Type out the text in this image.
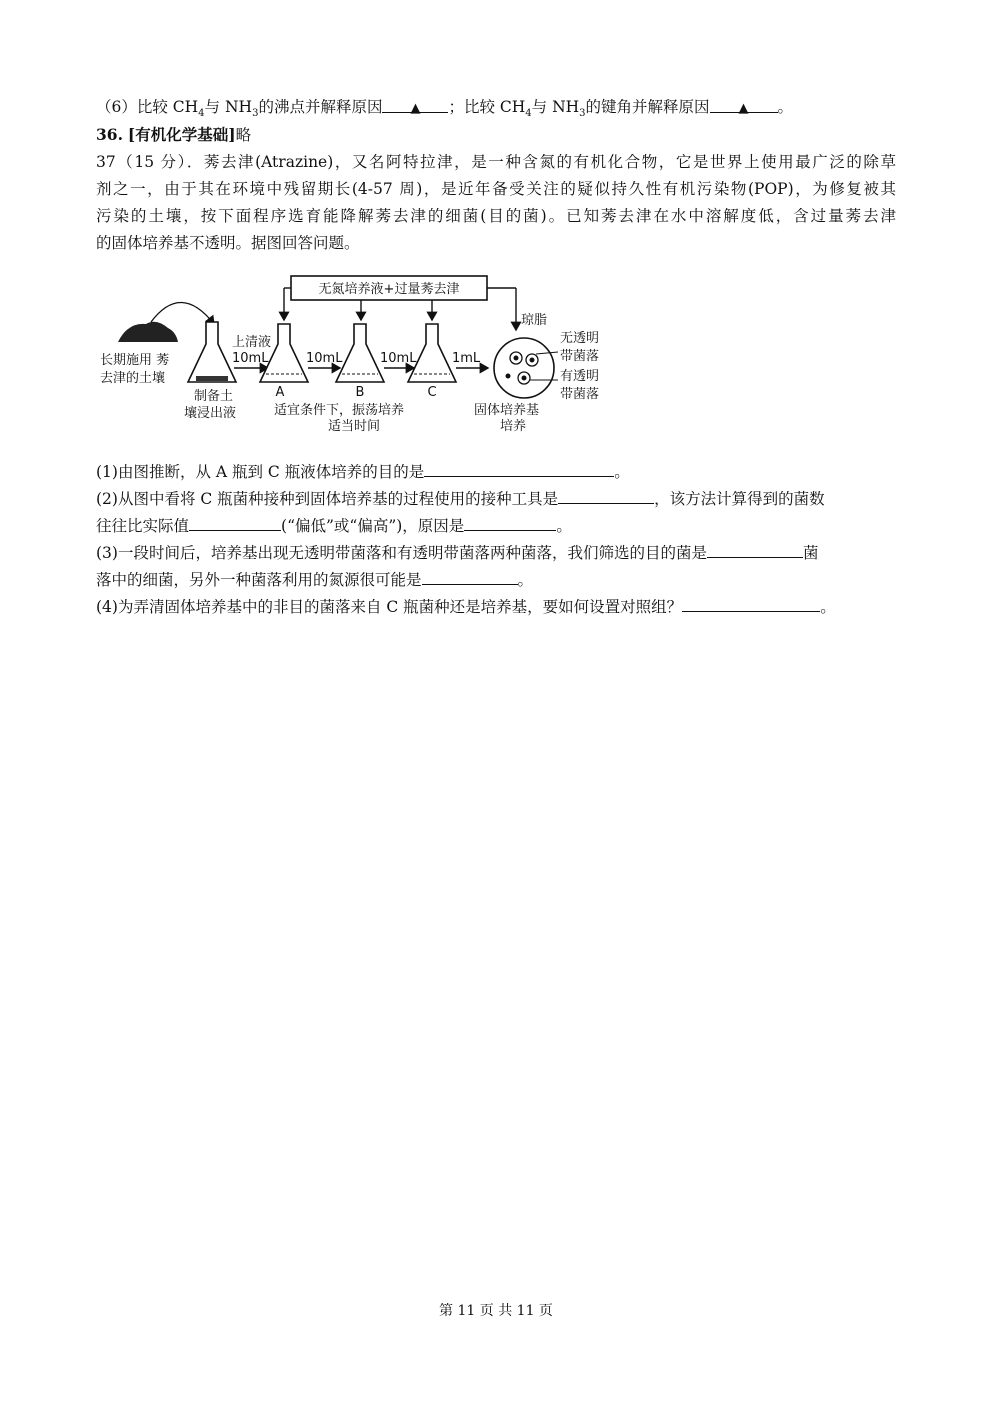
（6）比较 $CH_4$与 $NH_3$的沸点并解释原因 ▲ ；比较 $CH_4$与 $NH_3$的键角并解释原因 ▲ 。
36. [有机化学基础]略
37（15 分）．莠去津(Atrazine)，又名阿特拉津，是一种含氮的有机化合物，它是世界上使用最广泛的除草
剂之一，由于其在环境中残留期长(4-57 周)，是近年备受关注的疑似持久性有机污染物(POP)，为修复被其
污染的土壤，按下面程序选育能降解莠去津的细菌(目的菌)。已知莠去津在水中溶解度低，含过量莠去津
的固体培养基不透明。据图回答问题。
无氮培养液+过量莠去津
长期施用 莠
去津的土壤
制备土
壤浸出液
上清液
10mL
A
10mL
B
10mL
C
1mL
适宜条件下，振荡培养
适当时间
琼脂
无透明
带菌落
有透明
带菌落
固体培养基
培养
(1)由图推断，从 A 瓶到 C 瓶液体培养的目的是	。
(2)从图中看将 C 瓶菌种接种到固体培养基的过程使用的接种工具是	，该方法计算得到的菌数
往往比实际值	(“偏低”或“偏高”)，原因是	。
(3)一段时间后，培养基出现无透明带菌落和有透明带菌落两种菌落，我们筛选的目的菌是	菌
落中的细菌，另外一种菌落利用的氮源很可能是	。
(4)为弄清固体培养基中的非目的菌落来自 C 瓶菌种还是培养基，要如何设置对照组？	。
第 11 页 共 11 页
